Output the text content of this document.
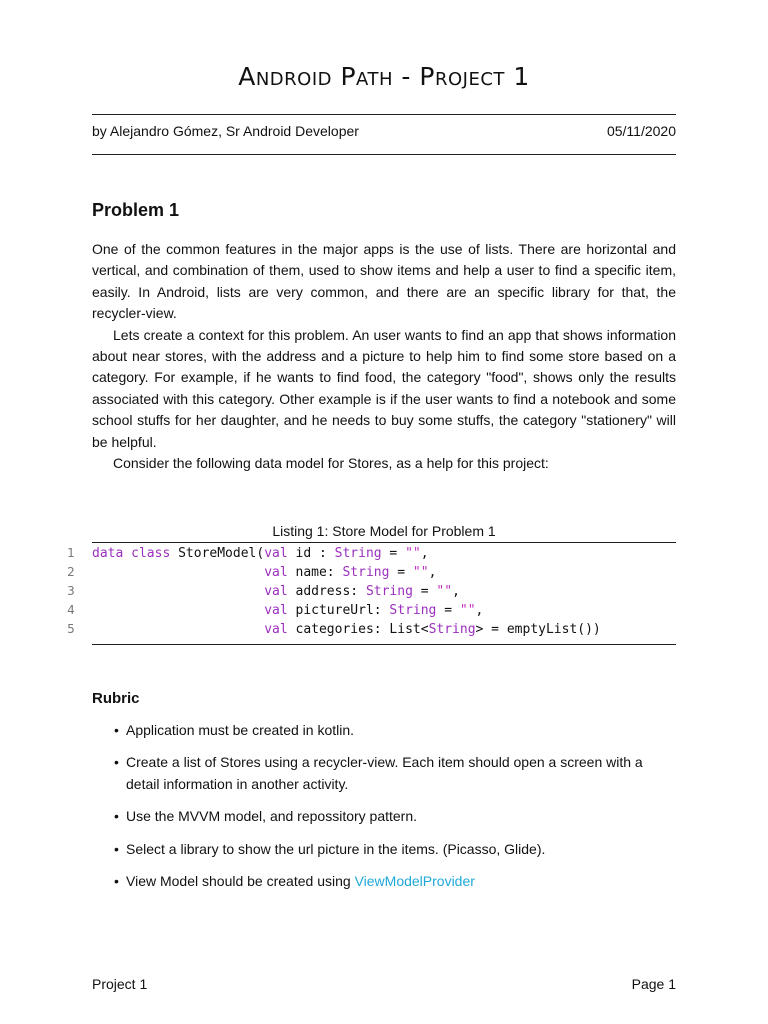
Android Path - Project 1
by Alejandro Gómez, Sr Android Developer	05/11/2020
Problem 1

One of the common features in the major apps is the use of lists. There are horizontal and vertical, and combination of them, used to show items and help a user to find a specific item, easily. In Android, lists are very common, and there are an specific library for that, the recycler-view.

Lets create a context for this problem. An user wants to find an app that shows information about near stores, with the address and a picture to help him to find some store based on a category. For example, if he wants to find food, the category "food", shows only the results associated with this category. Other example is if the user wants to find a notebook and some school stuffs for her daughter, and he needs to buy some stuffs, the category "stationery" will be helpful.

Consider the following data model for Stores, as a help for this project:

Listing 1: Store Model for Problem 1
1	data class StoreModel(val id : String = "",
2	val name: String = "",
3	val address: String = "",
4	val pictureUrl: String = "",
5	val categories: List<String> = emptyList())
Rubric
• Application must be created in kotlin.
• Create a list of Stores using a recycler-view. Each item should open a screen with a detail information in another activity.
• Use the MVVM model, and repossitory pattern.
• Select a library to show the url picture in the items. (Picasso, Glide).
• View Model should be created using ViewModelProvider
Project 1	Page 1
